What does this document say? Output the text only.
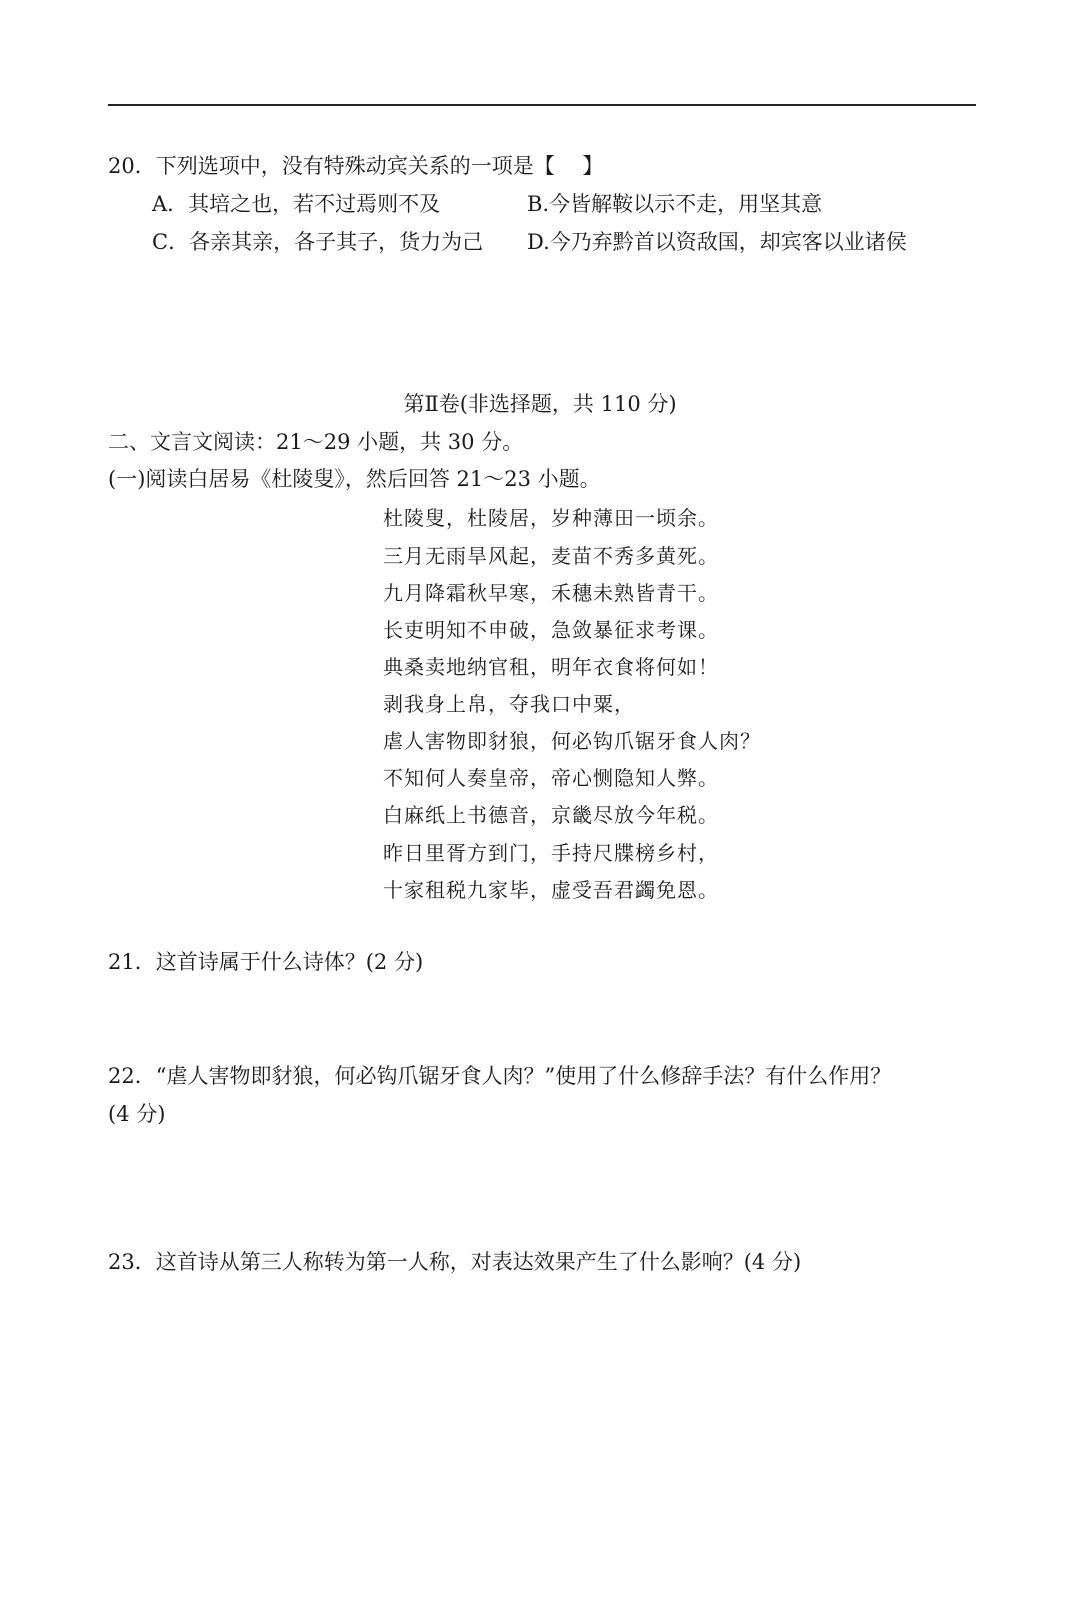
20．下列选项中，没有特殊动宾关系的一项是【　 】
A．其培之也，若不过焉则不及	B.今皆解鞍以示不走，用坚其意
C．各亲其亲，各子其子，货力为己 D.今乃弃黔首以资敌国，却宾客以业诸侯
第Ⅱ卷(非选择题，共 110 分)
二、文言文阅读：21～29 小题，共 30 分。
(一)阅读白居易《杜陵叟》，然后回答 21～23 小题。
杜陵叟，杜陵居，岁种薄田一顷余。
三月无雨旱风起，麦苗不秀多黄死。
九月降霜秋早寒，禾穗未熟皆青干。
长吏明知不申破，急敛暴征求考课。
典桑卖地纳官租，明年衣食将何如！
剥我身上帛，夺我口中粟，
虐人害物即豺狼，何必钩爪锯牙食人肉？
不知何人奏皇帝，帝心恻隐知人弊。
白麻纸上书德音，京畿尽放今年税。
昨日里胥方到门，手持尺牒榜乡村，
十家租税九家毕，虚受吾君蠲免恩。
21．这首诗属于什么诗体？(2 分)
22．“虐人害物即豺狼，何必钩爪锯牙食人肉？”使用了什么修辞手法？有什么作用？
(4 分)
23．这首诗从第三人称转为第一人称，对表达效果产生了什么影响？(4 分)
